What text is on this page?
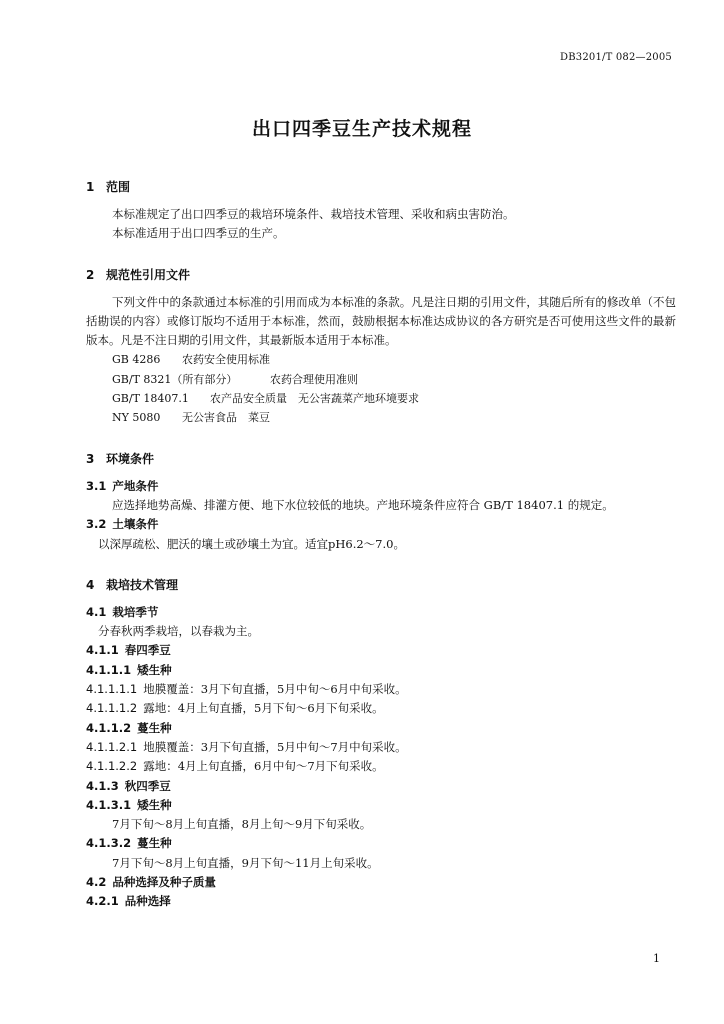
DB3201/T 082—2005
出口四季豆生产技术规程
1 范围
本标准规定了出口四季豆的栽培环境条件、栽培技术管理、采收和病虫害防治。
本标准适用于出口四季豆的生产。
2 规范性引用文件
下列文件中的条款通过本标准的引用而成为本标准的条款。凡是注日期的引用文件，其随后所有的修改单（不包括勘误的内容）或修订版均不适用于本标准，然而，鼓励根据本标准达成协议的各方研究是否可使用这些文件的最新版本。凡是不注日期的引用文件，其最新版本适用于本标准。
GB 4286 农药安全使用标准
GB/T 8321（所有部分）	农药合理使用准则
GB/T 18407.1 农产品安全质量　无公害蔬菜产地环境要求
NY 5080 无公害食品　菜豆
3 环境条件
3.1 产地条件
应选择地势高燥、排灌方便、地下水位较低的地块。产地环境条件应符合 GB/T 18407.1 的规定。
3.2 土壤条件
以深厚疏松、肥沃的壤土或砂壤土为宜。适宜pH6.2～7.0。
4 栽培技术管理
4.1 栽培季节
分春秋两季栽培，以春栽为主。
4.1.1 春四季豆
4.1.1.1 矮生种
4.1.1.1.1 地膜覆盖：3月下旬直播，5月中旬～6月中旬采收。
4.1.1.1.2 露地：4月上旬直播，5月下旬～6月下旬采收。
4.1.1.2 蔓生种
4.1.1.2.1 地膜覆盖：3月下旬直播，5月中旬～7月中旬采收。
4.1.1.2.2 露地：4月上旬直播，6月中旬～7月下旬采收。
4.1.3 秋四季豆
4.1.3.1 矮生种
7月下旬～8月上旬直播，8月上旬～9月下旬采收。
4.1.3.2 蔓生种
7月下旬～8月上旬直播，9月下旬～11月上旬采收。
4.2 品种选择及种子质量
4.2.1 品种选择
1
